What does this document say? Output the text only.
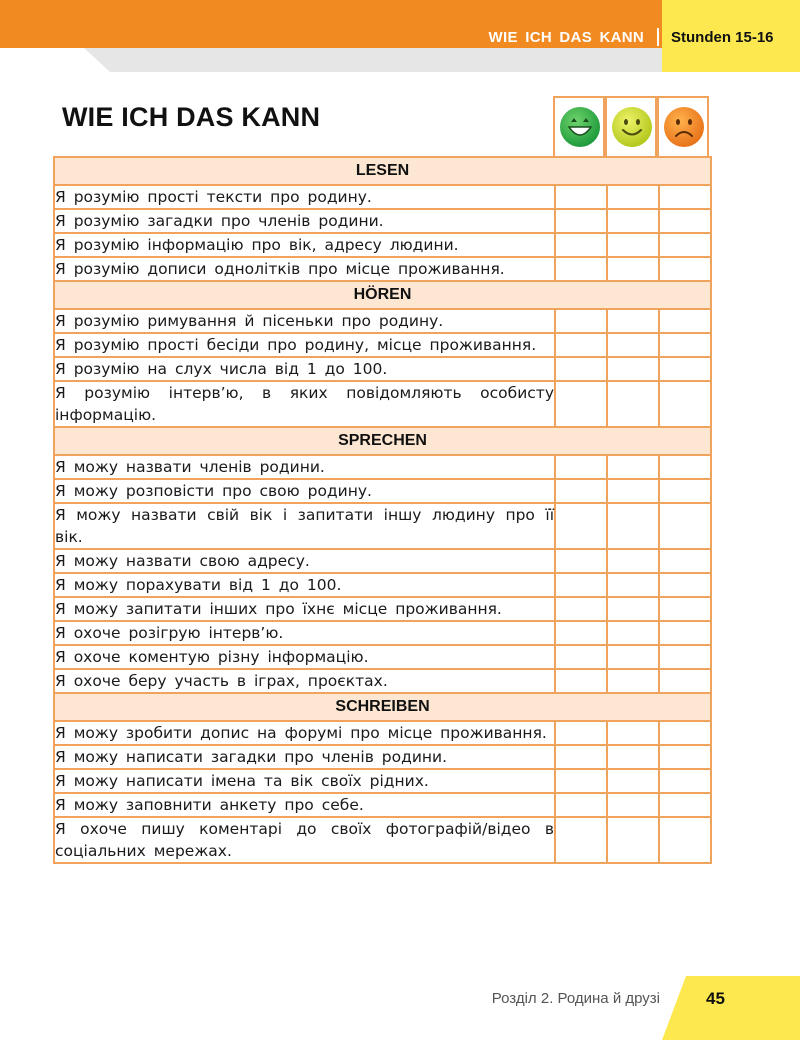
WIE ICH DAS KANN Stunden 15-16
WIE ICH DAS KANN
LESEN			
Я розумію прості тексти про родину.			
Я розумію загадки про членів родини.			
Я розумію інформацію про вік, адресу людини.			
Я розумію дописи однолітків про місце проживання.			
HÖREN			
Я розумію римування й пісеньки про родину.			
Я розумію прості бесіди про родину, місце проживання.			
Я розумію на слух числа від 1 до 100.			
Я розумію інтерв’ю, в яких повідомляють особисту інформацію.			
SPRECHEN			
Я можу назвати членів родини.			
Я можу розповісти про свою родину.			
Я можу назвати свій вік і запитати іншу людину про її вік.			
Я можу назвати свою адресу.			
Я можу порахувати від 1 до 100.			
Я можу запитати інших про їхнє місце проживання.			
Я охоче розігрую інтерв’ю.			
Я охоче коментую різну інформацію.			
Я охоче беру участь в іграх, проєктах.			
SCHREIBEN			
Я можу зробити допис на форумі про місце проживання.			
Я можу написати загадки про членів родини.			
Я можу написати імена та вік своїх рідних.			
Я можу заповнити анкету про себе.			
Я охоче пишу коментарі до своїх фотографій/відео в соціальних мережах.			
Розділ 2. Родина й друзі	45
